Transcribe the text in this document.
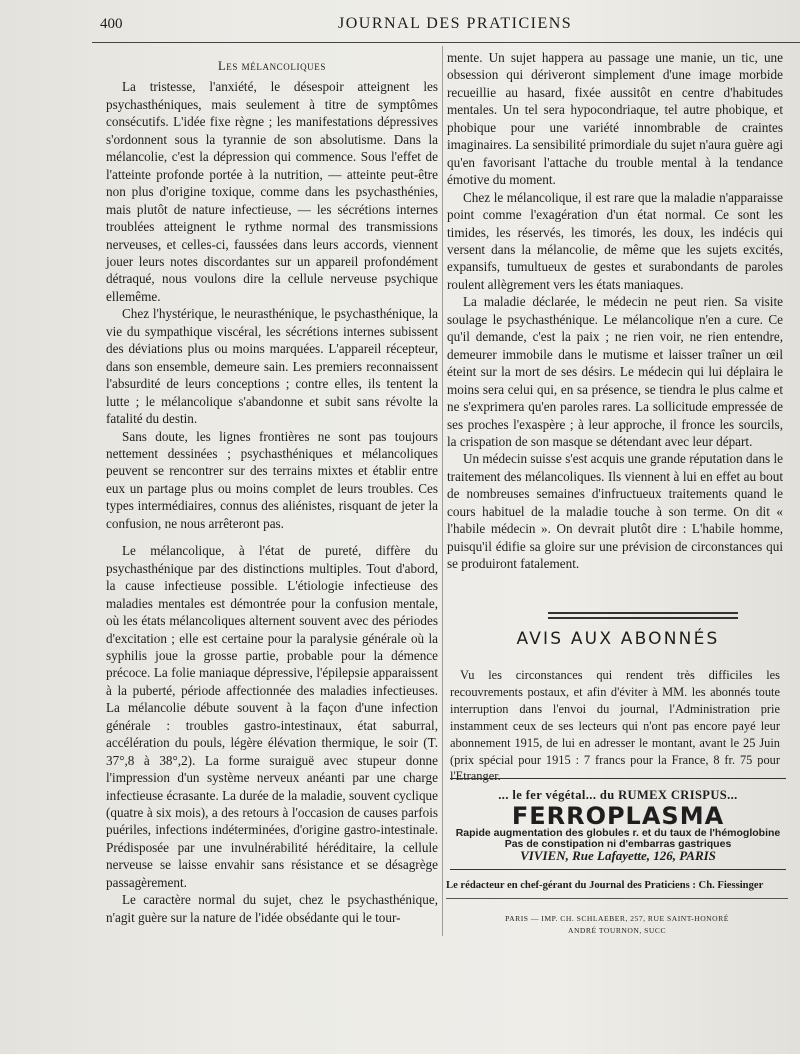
400	JOURNAL DES PRATICIENS
Les mélancoliques

La tristesse, l'anxiété, le désespoir atteignent les psychasthéniques, mais seulement à titre de symptômes consécutifs. L'idée fixe règne ; les manifestations dépressives s'ordonnent sous la tyrannie de son absolutisme. Dans la mélancolie, c'est la dépression qui commence. Sous l'effet de l'atteinte profonde portée à la nutrition, — atteinte peut-être non plus d'origine toxique, comme dans les psychasthénies, mais plutôt de nature infectieuse, — les sécrétions internes troublées atteignent le rythme normal des transmissions nerveuses, et celles-ci, faussées dans leurs accords, viennent jouer leurs notes discordantes sur un appareil profondément détraqué, nous voulons dire la cellule nerveuse psychique ellemême.

Chez l'hystérique, le neurasthénique, le psychasthénique, la vie du sympathique viscéral, les sécrétions internes subissent des déviations plus ou moins marquées. L'appareil récepteur, dans son ensemble, demeure sain. Les premiers reconnaissent l'absurdité de leurs conceptions ; contre elles, ils tentent la lutte ; le mélancolique s'abandonne et subit sans révolte la fatalité du destin.

Sans doute, les lignes frontières ne sont pas toujours nettement dessinées ; psychasthéniques et mélancoliques peuvent se rencontrer sur des terrains mixtes et établir entre eux un partage plus ou moins complet de leurs troubles. Ces types intermédiaires, connus des aliénistes, risquant de jeter la confusion, ne nous arrêteront pas.

Le mélancolique, à l'état de pureté, diffère du psychasthénique par des distinctions multiples. Tout d'abord, la cause infectieuse possible. L'étiologie infectieuse des maladies mentales est démontrée pour la confusion mentale, où les états mélancoliques alternent souvent avec des périodes d'excitation ; elle est certaine pour la paralysie générale où la syphilis joue la grosse partie, probable pour la démence précoce. La folie maniaque dépressive, l'épilepsie apparaissent à la puberté, période affectionnée des maladies infectieuses. La mélancolie débute souvent à la façon d'une infection générale : troubles gastro-intestinaux, état saburral, accélération du pouls, légère élévation thermique, le soir (T. 37°,8 à 38°,2). La forme suraiguë avec stupeur donne l'impression d'un système nerveux anéanti par une charge infectieuse écrasante. La durée de la maladie, souvent cyclique (quatre à six mois), a des retours à l'occasion de causes parfois puériles, infections indéterminées, d'origine gastro-intestinale. Prédisposée par une invulnérabilité héréditaire, la cellule nerveuse se laisse envahir sans résistance et se désagrège passagèrement.

Le caractère normal du sujet, chez le psychasthénique, n'agit guère sur la nature de l'idée obsédante qui le tour-

mente. Un sujet happera au passage une manie, un tic, une obsession qui dériveront simplement d'une image morbide recueillie au hasard, fixée aussitôt en centre d'habitudes mentales. Un tel sera hypocondriaque, tel autre phobique, et phobique pour une variété innombrable de craintes imaginaires. La sensibilité primordiale du sujet n'aura guère agi qu'en favorisant l'attache du trouble mental à la tendance émotive du moment.

Chez le mélancolique, il est rare que la maladie n'apparaisse point comme l'exagération d'un état normal. Ce sont les timides, les réservés, les timorés, les doux, les indécis qui versent dans la mélancolie, de même que les sujets excités, expansifs, tumultueux de gestes et surabondants de paroles roulent allègrement vers les états maniaques.

La maladie déclarée, le médecin ne peut rien. Sa visite soulage le psychasthénique. Le mélancolique n'en a cure. Ce qu'il demande, c'est la paix ; ne rien voir, ne rien entendre, demeurer immobile dans le mutisme et laisser traîner un œil éteint sur la mort de ses désirs. Le médecin qui lui déplaira le moins sera celui qui, en sa présence, se tiendra le plus calme et ne s'exprimera qu'en paroles rares. La sollicitude empressée de ses proches l'exaspère ; à leur approche, il fronce les sourcils, la crispation de son masque se détendant avec leur départ.

Un médecin suisse s'est acquis une grande réputation dans le traitement des mélancoliques. Ils viennent à lui en effet au bout de nombreuses semaines d'infructueux traitements quand le cours habituel de la maladie touche à son terme. On dit « l'habile médecin ». On devrait plutôt dire : L'habile homme, puisqu'il édifie sa gloire sur une prévision de circonstances qui se produiront fatalement.

AVIS AUX ABONNÉS

Vu les circonstances qui rendent très difficiles les recouvrements postaux, et afin d'éviter à MM. les abonnés toute interruption dans l'envoi du journal, l'Administration prie instamment ceux de ses lecteurs qui n'ont pas encore payé leur abonnement 1915, de lui en adresser le montant, avant le 25 Juin (prix spécial pour 1915 : 7 francs pour la France, 8 fr. 75 pour l'Etranger.

... le fer végétal... du RUMEX CRISPUS...
FERROPLASMA
Rapide augmentation des globules r. et du taux de l'hémoglobine
Pas de constipation ni d'embarras gastriques
VIVIEN, Rue Lafayette, 126, PARIS
Le rédacteur en chef-gérant du Journal des Praticiens : Ch. Fiessinger
PARIS — IMP. CH. SCHLAEBER, 257, RUE SAINT-HONORÉ
ANDRÉ TOURNON, SUCC
